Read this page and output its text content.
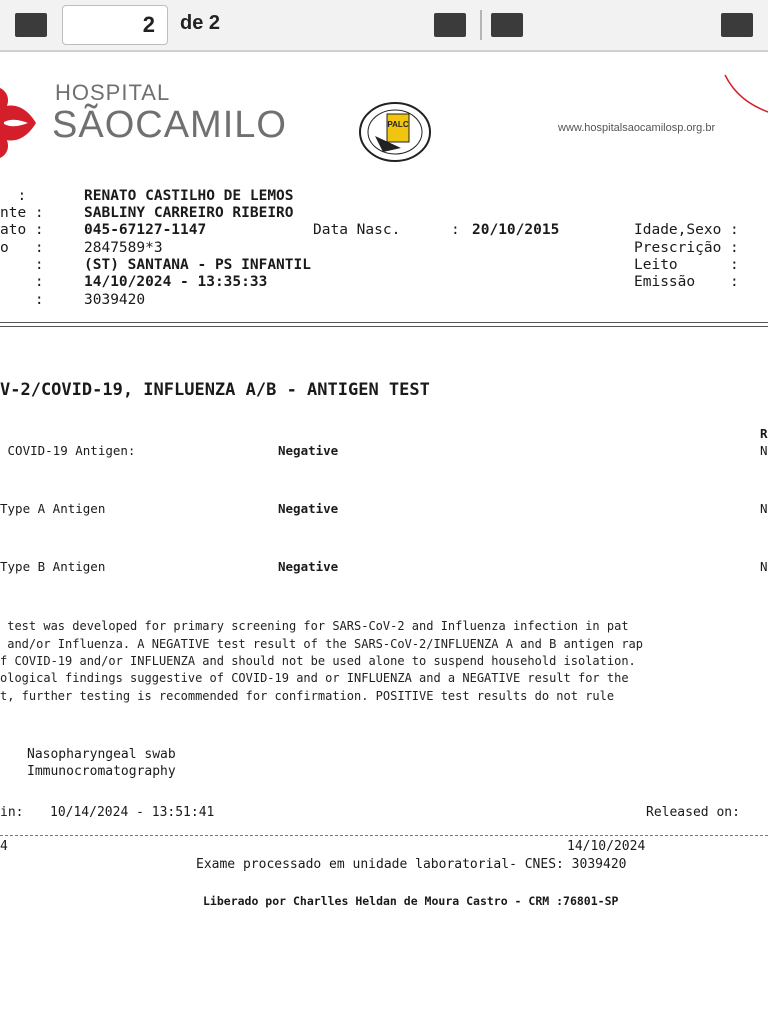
2	de 2
HOSPITAL
SÃOCAMILO	PALC	www.hospitalsaocamilosp.org.br
:	RENATO CASTILHO DE LEMOS
nte :	SABLINY CARREIRO RIBEIRO
ato :	045-67127-1147	Data Nasc.	: 20/10/2015	Idade,Sexo :
o   :	2847589*3	Prescrição :
:	(ST) SANTANA - PS INFANTIL	Leito      :
:	14/10/2024 - 13:35:33	Emissão    :
:	3039420
V-2/COVID-19, INFLUENZA A/B - ANTIGEN TEST
R
COVID-19 Antigen:	Negative	N
Type A Antigen	Negative	N
Type B Antigen	Negative	N
test was developed for primary screening for SARS-CoV-2 and Influenza infection in pat
and/or Influenza. A NEGATIVE test result of the SARS-CoV-2/INFLUENZA A and B antigen rap
f COVID-19 and/or INFLUENZA and should not be used alone to suspend household isolation.
ological findings suggestive of COVID-19 and or INFLUENZA and a NEGATIVE result for the
t, further testing is recommended for confirmation. POSITIVE test results do not rule
Nasopharyngeal swab
Immunocromatography
in: 10/14/2024 - 13:51:41	Released on:
4	14/10/2024
Exame processado em unidade laboratorial- CNES: 3039420
Liberado por Charlles Heldan de Moura Castro - CRM :76801-SP
